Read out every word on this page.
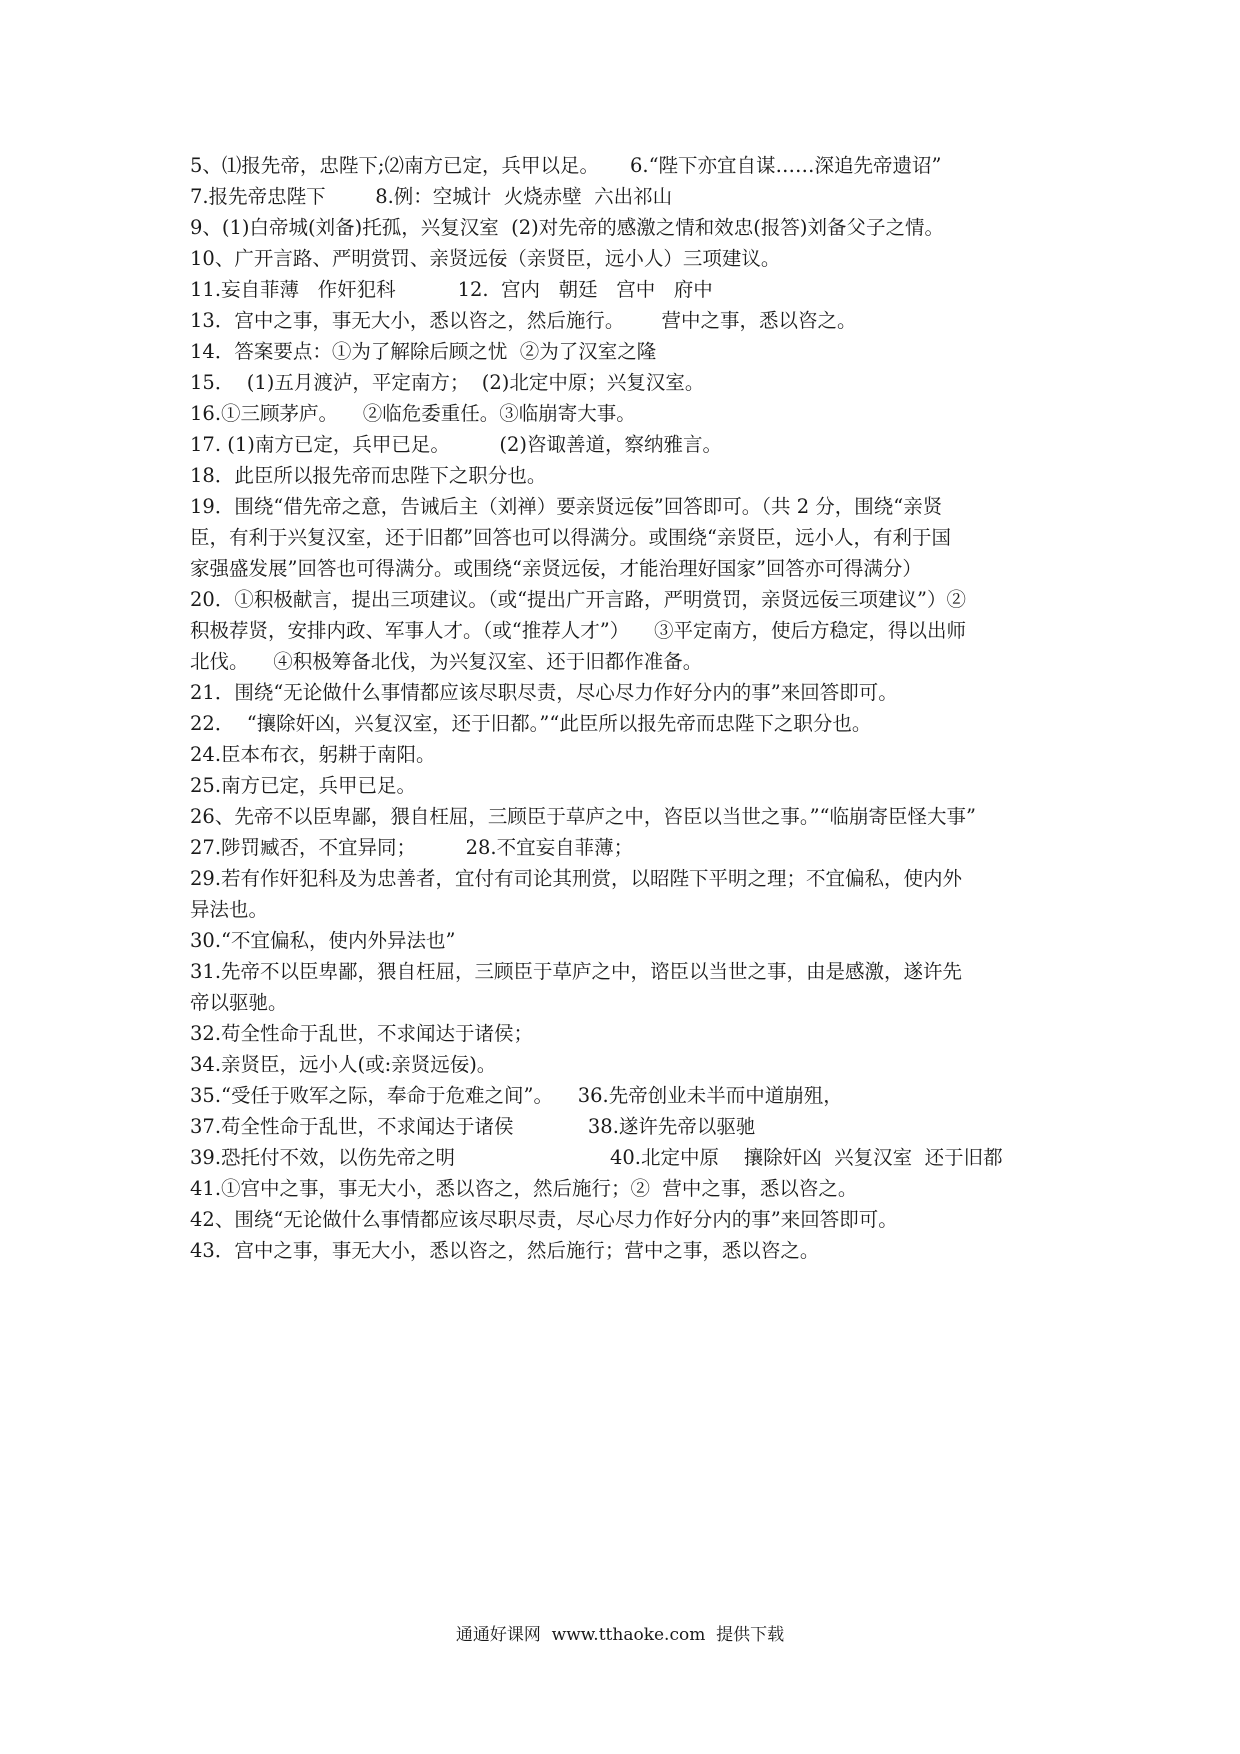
5、⑴报先帝，忠陛下;⑵南方已定，兵甲以足。     6.“陛下亦宜自谋……深追先帝遗诏”
7.报先帝忠陛下        8.例：空城计  火烧赤壁  六出祁山
9、(1)白帝城(刘备)托孤，兴复汉室  (2)对先帝的感激之情和效忠(报答)刘备父子之情。
10、广开言路、严明赏罚、亲贤远佞（亲贤臣，远小人）三项建议。
11.妄自菲薄   作奸犯科          12.  宫内   朝廷   宫中   府中
13．宫中之事，事无大小，悉以咨之，然后施行。      营中之事，悉以咨之。
14．答案要点：①为了解除后顾之忧  ②为了汉室之隆
15．  (1)五月渡泸，平定南方；  (2)北定中原；兴复汉室。
16.①三顾茅庐。    ②临危委重任。③临崩寄大事。
17. (1)南方已定，兵甲已足。        (2)咨诹善道，察纳雅言。
18．此臣所以报先帝而忠陛下之职分也。
19．围绕“借先帝之意，告诫后主（刘禅）要亲贤远佞”回答即可。（共 2 分，围绕“亲贤
臣，有利于兴复汉室，还于旧都”回答也可以得满分。或围绕“亲贤臣，远小人，有利于国
家强盛发展”回答也可得满分。或围绕“亲贤远佞，才能治理好国家”回答亦可得满分）
20．①积极献言，提出三项建议。（或“提出广开言路，严明赏罚，亲贤远佞三项建议”）②
积极荐贤，安排内政、军事人才。（或“推荐人才”）    ③平定南方，使后方稳定，得以出师
北伐。    ④积极筹备北伐，为兴复汉室、还于旧都作准备。
21．围绕“无论做什么事情都应该尽职尽责，尽心尽力作好分内的事”来回答即可。
22．  “攘除奸凶，兴复汉室，还于旧都。”“此臣所以报先帝而忠陛下之职分也。
24.臣本布衣，躬耕于南阳。
25.南方已定，兵甲已足。
26、先帝不以臣卑鄙，猥自枉屈，三顾臣于草庐之中，咨臣以当世之事。”“临崩寄臣怪大事”
27.陟罚臧否，不宜异同；        28.不宜妄自菲薄；
29.若有作奸犯科及为忠善者，宜付有司论其刑赏，以昭陛下平明之理；不宜偏私，使内外
异法也。
30.“不宜偏私，使内外异法也”
31.先帝不以臣卑鄙，猥自枉屈，三顾臣于草庐之中，谘臣以当世之事，由是感激，遂许先
帝以驱驰。
32.苟全性命于乱世，不求闻达于诸侯；
34.亲贤臣，远小人(或:亲贤远佞)。
35.“受任于败军之际，奉命于危难之间”。    36.先帝创业未半而中道崩殂，
37.苟全性命于乱世，不求闻达于诸侯            38.遂许先帝以驱驰
39.恐托付不效，以伤先帝之明                         40.北定中原    攘除奸凶  兴复汉室  还于旧都
41.①宫中之事，事无大小，悉以咨之，然后施行；②  营中之事，悉以咨之。
42、围绕“无论做什么事情都应该尽职尽责，尽心尽力作好分内的事”来回答即可。
43．宫中之事，事无大小，悉以咨之，然后施行；营中之事，悉以咨之。
通通好课网  www.tthaoke.com  提供下载
